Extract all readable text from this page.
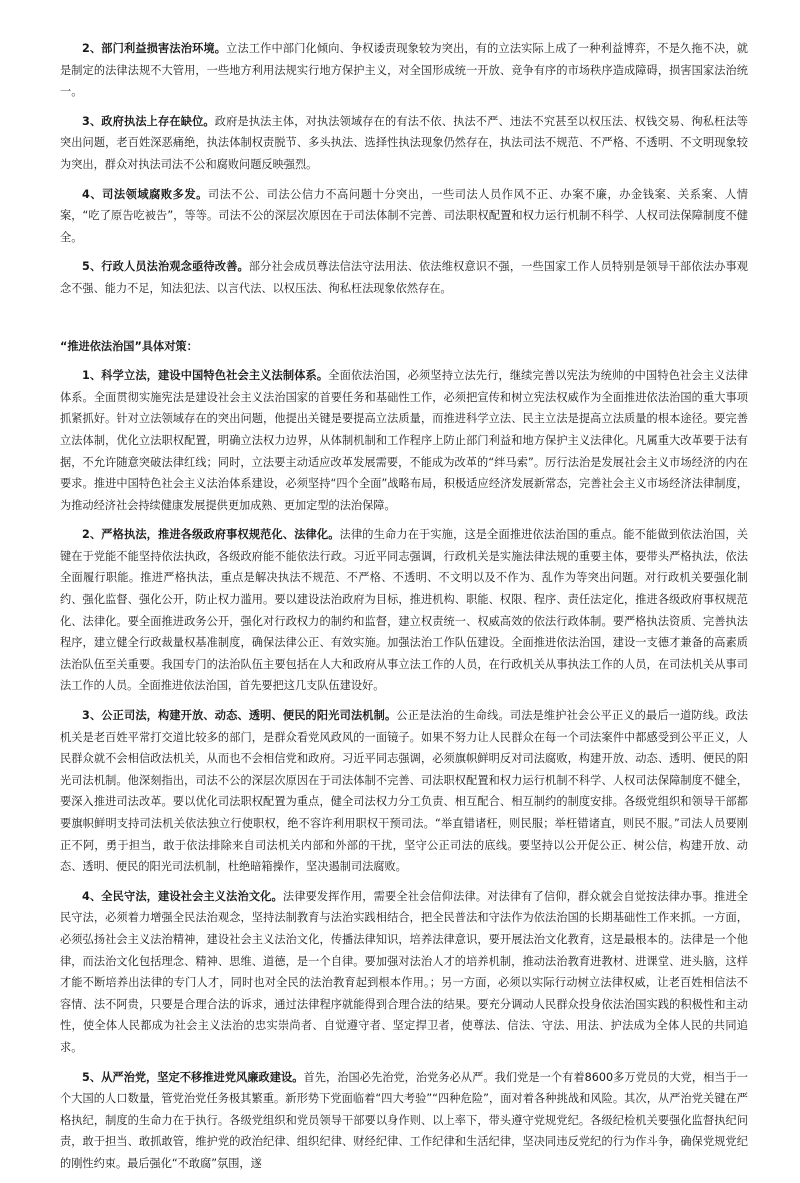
2、部门利益损害法治环境。立法工作中部门化倾向、争权诿责现象较为突出，有的立法实际上成了一种利益博弈，不是久拖不决，就是制定的法律法规不大管用，一些地方利用法规实行地方保护主义，对全国形成统一开放、竞争有序的市场秩序造成障碍，损害国家法治统一。

3、政府执法上存在缺位。政府是执法主体，对执法领域存在的有法不依、执法不严、违法不究甚至以权压法、权钱交易、徇私枉法等突出问题，老百姓深恶痛绝，执法体制权责脱节、多头执法、选择性执法现象仍然存在，执法司法不规范、不严格、不透明、不文明现象较为突出，群众对执法司法不公和腐败问题反映强烈。

4、司法领域腐败多发。司法不公、司法公信力不高问题十分突出，一些司法人员作风不正、办案不廉，办金钱案、关系案、人情案，“吃了原告吃被告”，等等。司法不公的深层次原因在于司法体制不完善、司法职权配置和权力运行机制不科学、人权司法保障制度不健全。

5、行政人员法治观念亟待改善。部分社会成员尊法信法守法用法、依法维权意识不强，一些国家工作人员特别是领导干部依法办事观念不强、能力不足，知法犯法、以言代法、以权压法、徇私枉法现象依然存在。

“推进依法治国”具体对策：

1、科学立法，建设中国特色社会主义法制体系。全面依法治国，必须坚持立法先行，继续完善以宪法为统帅的中国特色社会主义法律体系。全面贯彻实施宪法是建设社会主义法治国家的首要任务和基础性工作，必须把宣传和树立宪法权威作为全面推进依法治国的重大事项抓紧抓好。针对立法领域存在的突出问题，他提出关键是要提高立法质量，而推进科学立法、民主立法是提高立法质量的根本途径。要完善立法体制，优化立法职权配置，明确立法权力边界，从体制机制和工作程序上防止部门利益和地方保护主义法律化。凡属重大改革要于法有据，不允许随意突破法律红线；同时，立法要主动适应改革发展需要，不能成为改革的“绊马索”。厉行法治是发展社会主义市场经济的内在要求。推进中国特色社会主义法治体系建设，必须坚持“四个全面”战略布局，积极适应经济发展新常态，完善社会主义市场经济法律制度，为推动经济社会持续健康发展提供更加成熟、更加定型的法治保障。

2、严格执法，推进各级政府事权规范化、法律化。法律的生命力在于实施，这是全面推进依法治国的重点。能不能做到依法治国，关键在于党能不能坚持依法执政，各级政府能不能依法行政。习近平同志强调，行政机关是实施法律法规的重要主体，要带头严格执法，依法全面履行职能。推进严格执法，重点是解决执法不规范、不严格、不透明、不文明以及不作为、乱作为等突出问题。对行政机关要强化制约、强化监督、强化公开，防止权力滥用。要以建设法治政府为目标，推进机构、职能、权限、程序、责任法定化，推进各级政府事权规范化、法律化。要全面推进政务公开，强化对行政权力的制约和监督，建立权责统一、权威高效的依法行政体制。要严格执法资质、完善执法程序，建立健全行政裁量权基准制度，确保法律公正、有效实施。加强法治工作队伍建设。全面推进依法治国，建设一支德才兼备的高素质法治队伍至关重要。我国专门的法治队伍主要包括在人大和政府从事立法工作的人员，在行政机关从事执法工作的人员，在司法机关从事司法工作的人员。全面推进依法治国，首先要把这几支队伍建设好。

3、公正司法，构建开放、动态、透明、便民的阳光司法机制。公正是法治的生命线。司法是维护社会公平正义的最后一道防线。政法机关是老百姓平常打交道比较多的部门，是群众看党风政风的一面镜子。如果不努力让人民群众在每一个司法案件中都感受到公平正义，人民群众就不会相信政法机关，从而也不会相信党和政府。习近平同志强调，必须旗帜鲜明反对司法腐败，构建开放、动态、透明、便民的阳光司法机制。他深刻指出，司法不公的深层次原因在于司法体制不完善、司法职权配置和权力运行机制不科学、人权司法保障制度不健全，要深入推进司法改革。要以优化司法职权配置为重点，健全司法权力分工负责、相互配合、相互制约的制度安排。各级党组织和领导干部都要旗帜鲜明支持司法机关依法独立行使职权，绝不容许利用职权干预司法。“举直错诸枉，则民服；举枉错诸直，则民不服。”司法人员要刚正不阿，勇于担当，敢于依法排除来自司法机关内部和外部的干扰，坚守公正司法的底线。要坚持以公开促公正、树公信，构建开放、动态、透明、便民的阳光司法机制，杜绝暗箱操作，坚决遏制司法腐败。

4、全民守法，建设社会主义法治文化。法律要发挥作用，需要全社会信仰法律。对法律有了信仰，群众就会自觉按法律办事。推进全民守法，必须着力增强全民法治观念，坚持法制教育与法治实践相结合，把全民普法和守法作为依法治国的长期基础性工作来抓。一方面，必须弘扬社会主义法治精神，建设社会主义法治文化，传播法律知识，培养法律意识，要开展法治文化教育，这是最根本的。法律是一个他律，而法治文化包括理念、精神、思维、道德，是一个自律。要加强对法治人才的培养机制，推动法治教育进教材、进课堂、进头脑，这样才能不断培养出法律的专门人才，同时也对全民的法治教育起到根本作用。；另一方面，必须以实际行动树立法律权威，让老百姓相信法不容情、法不阿贵，只要是合理合法的诉求，通过法律程序就能得到合理合法的结果。要充分调动人民群众投身依法治国实践的积极性和主动性，使全体人民都成为社会主义法治的忠实崇尚者、自觉遵守者、坚定捍卫者，使尊法、信法、守法、用法、护法成为全体人民的共同追求。

5、从严治党，坚定不移推进党风廉政建设。首先，治国必先治党，治党务必从严。我们党是一个有着8600多万党员的大党，相当于一个大国的人口数量，管党治党任务极其繁重。新形势下党面临着“四大考验”“四种危险”，面对着各种挑战和风险。其次，从严治党关键在严格执纪，制度的生命力在于执行。各级党组织和党员领导干部要以身作则、以上率下，带头遵守党规党纪。各级纪检机关要强化监督执纪问责，敢于担当、敢抓敢管，维护党的政治纪律、组织纪律、财经纪律、工作纪律和生活纪律，坚决同违反党纪的行为作斗争，确保党规党纪的刚性约束。最后强化“不敢腐”氛围，遂
